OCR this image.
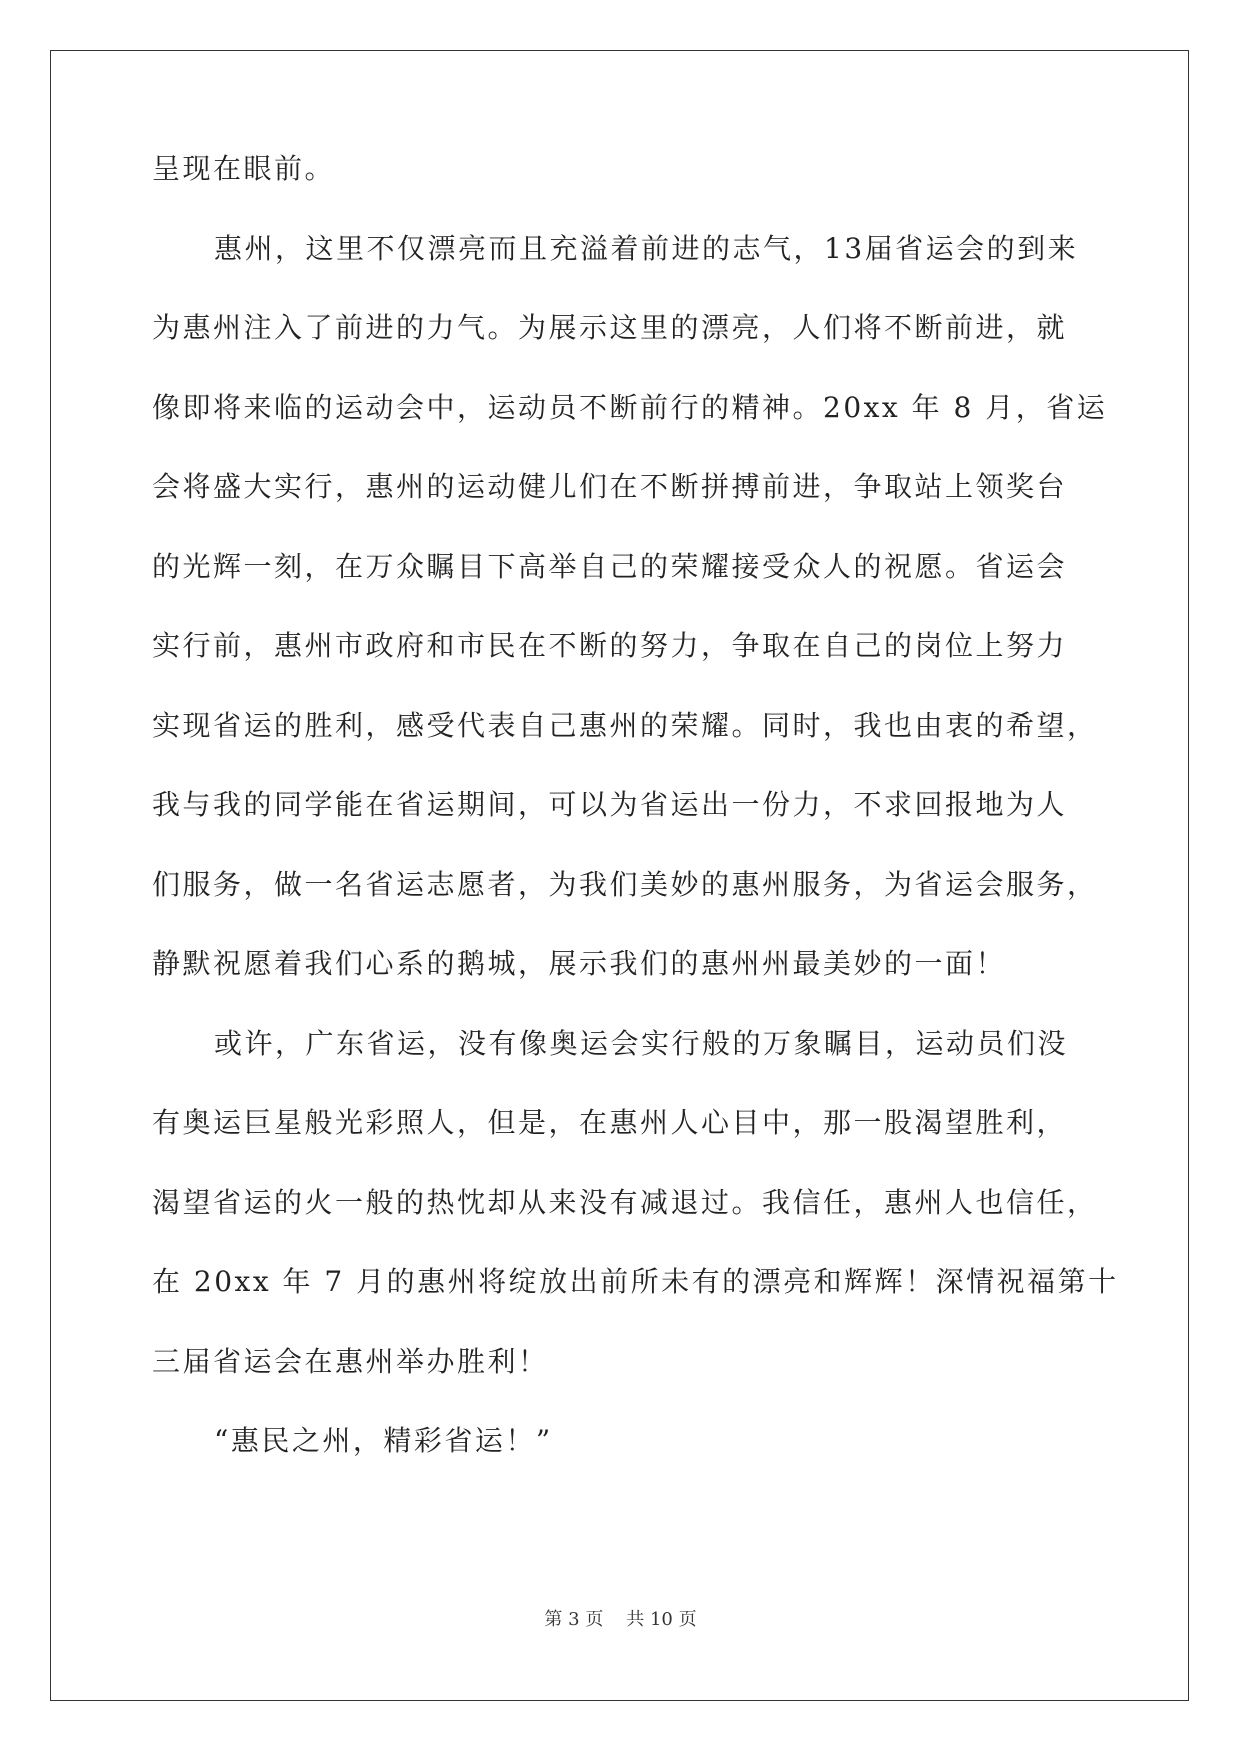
呈现在眼前。
惠州，这里不仅漂亮而且充溢着前进的志气，13届省运会的到来
为惠州注入了前进的力气。为展示这里的漂亮，人们将不断前进，就
像即将来临的运动会中，运动员不断前行的精神。20xx 年 8 月，省运
会将盛大实行，惠州的运动健儿们在不断拼搏前进，争取站上领奖台
的光辉一刻，在万众瞩目下高举自己的荣耀接受众人的祝愿。省运会
实行前，惠州市政府和市民在不断的努力，争取在自己的岗位上努力
实现省运的胜利，感受代表自己惠州的荣耀。同时，我也由衷的希望，
我与我的同学能在省运期间，可以为省运出一份力，不求回报地为人
们服务，做一名省运志愿者，为我们美妙的惠州服务，为省运会服务，
静默祝愿着我们心系的鹅城，展示我们的惠州州最美妙的一面！
或许，广东省运，没有像奥运会实行般的万象瞩目，运动员们没
有奥运巨星般光彩照人，但是，在惠州人心目中，那一股渴望胜利，
渴望省运的火一般的热忱却从来没有减退过。我信任，惠州人也信任，
在 20xx 年 7 月的惠州将绽放出前所未有的漂亮和辉辉！深情祝福第十
三届省运会在惠州举办胜利！
“惠民之州，精彩省运！”
第 3 页 共 10 页
